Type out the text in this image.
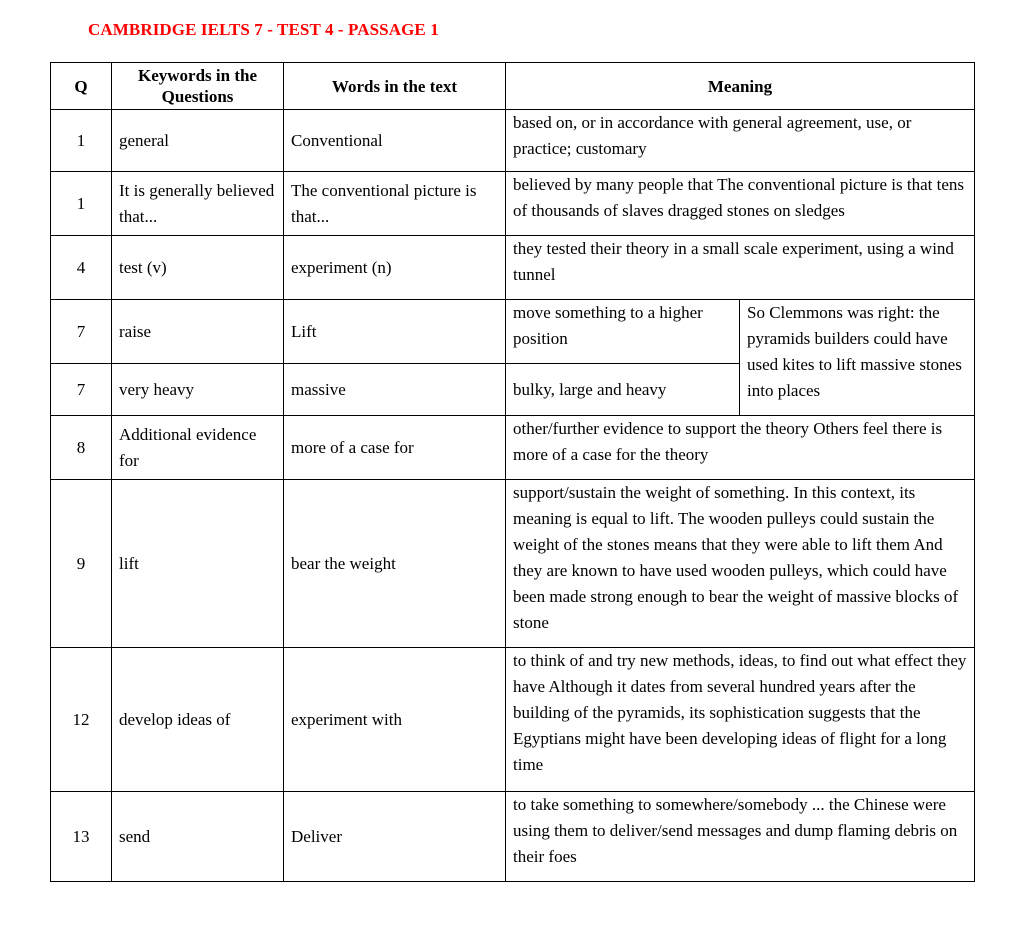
CAMBRIDGE IELTS 7 - TEST 4 - PASSAGE 1
Q	Keywords in the Questions	Words in the text	Meaning	
1	general	Conventional	based on, or in accordance with general agreement, use, or practice; customary	
1	It is generally believed that...	The conventional picture is that...	believed by many people that The conventional picture is that tens of thousands of slaves dragged stones on sledges	
4	test (v)	experiment (n)	they tested their theory in a small scale experiment, using a wind tunnel	
7	raise	Lift	move something to a higher position	So Clemmons was right: the pyramids builders could have used kites to lift massive stones into places
7	very heavy	massive	bulky, large and heavy	
8	Additional evidence for	more of a case for	other/further evidence to support the theory Others feel there is more of a case for the theory	
9	lift	bear the weight	support/sustain the weight of something. In this context, its meaning is equal to lift. The wooden pulleys could sustain the weight of the stones means that they were able to lift them And they are known to have used wooden pulleys, which could have been made strong enough to bear the weight of massive blocks of stone	
12	develop ideas of	experiment with	to think of and try new methods, ideas, to find out what effect they have Although it dates from several hundred years after the building of the pyramids, its sophistication suggests that the Egyptians might have been developing ideas of flight for a long time	
13	send	Deliver	to take something to somewhere/somebody ... the Chinese were using them to deliver/send messages and dump flaming debris on their foes	
